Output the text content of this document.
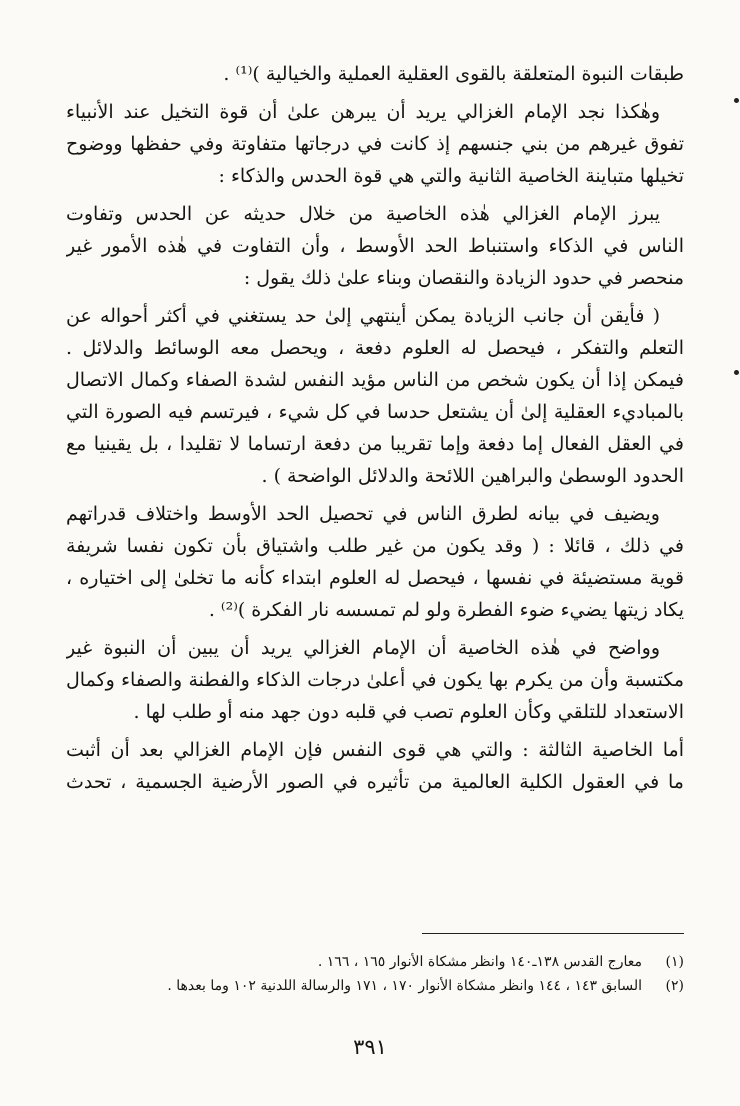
طبقات النبوة المتعلقة بالقوى العقلية العملية والخيالية )⁽¹⁾ .
وهٰكذا نجد الإمام الغزالي يريد أن يبرهن علىٰ أن قوة التخيل عند الأنبياء
تفوق غيرهم من بني جنسهم إذ كانت في درجاتها متفاوتة وفي حفظها ووضوح
تخيلها متباينة الخاصية الثانية والتي هي قوة الحدس والذكاء :
يبرز الإمام الغزالي هٰذه الخاصية من خلال حديثه عن الحدس وتفاوت
الناس في الذكاء واستنباط الحد الأوسط ، وأن التفاوت في هٰذه الأمور غير
منحصر في حدود الزيادة والنقصان وبناء علىٰ ذلك يقول :
( فأيقن أن جانب الزيادة يمكن أينتهي إلىٰ حد يستغني في أكثر أحواله عن
التعلم والتفكر ، فيحصل له العلوم دفعة ، ويحصل معه الوسائط والدلائل .
فيمكن إذا أن يكون شخص من الناس مؤيد النفس لشدة الصفاء وكمال الاتصال
بالمباديء العقلية إلىٰ أن يشتعل حدسا في كل شيء ، فيرتسم فيه الصورة التي
في العقل الفعال إما دفعة وإما تقريبا من دفعة ارتساما لا تقليدا ، بل يقينيا مع
الحدود الوسطىٰ والبراهين اللائحة والدلائل الواضحة ) .
ويضيف في بيانه لطرق الناس في تحصيل الحد الأوسط واختلاف قدراتهم
في ذلك ، قائلا : ( وقد يكون من غير طلب واشتياق بأن تكون نفسا شريفة
قوية مستضيئة في نفسها ، فيحصل له العلوم ابتداء كأنه ما تخلىٰ إلى اختياره ،
يكاد زيتها يضيء ضوء الفطرة ولو لم تمسسه نار الفكرة )⁽²⁾ .
وواضح في هٰذه الخاصية أن الإمام الغزالي يريد أن يبين أن النبوة غير
مكتسبة وأن من يكرم بها يكون في أعلىٰ درجات الذكاء والفطنة والصفاء وكمال
الاستعداد للتلقي وكأن العلوم تصب في قلبه دون جهد منه أو طلب لها .
أما الخاصية الثالثة : والتي هي قوى النفس فإن الإمام الغزالي بعد أن أثبت
ما في العقول الكلية العالمية من تأثيره في الصور الأرضية الجسمية ، تحدث
(١)
معارج القدس ١٣٨ـ١٤٠ وانظر مشكاة الأنوار ١٦٥ ، ١٦٦ .
(٢)
السابق ١٤٣ ، ١٤٤ وانظر مشكاة الأنوار ١٧٠ ، ١٧١ والرسالة اللدنية ١٠٢ وما بعدها .
٣٩١
